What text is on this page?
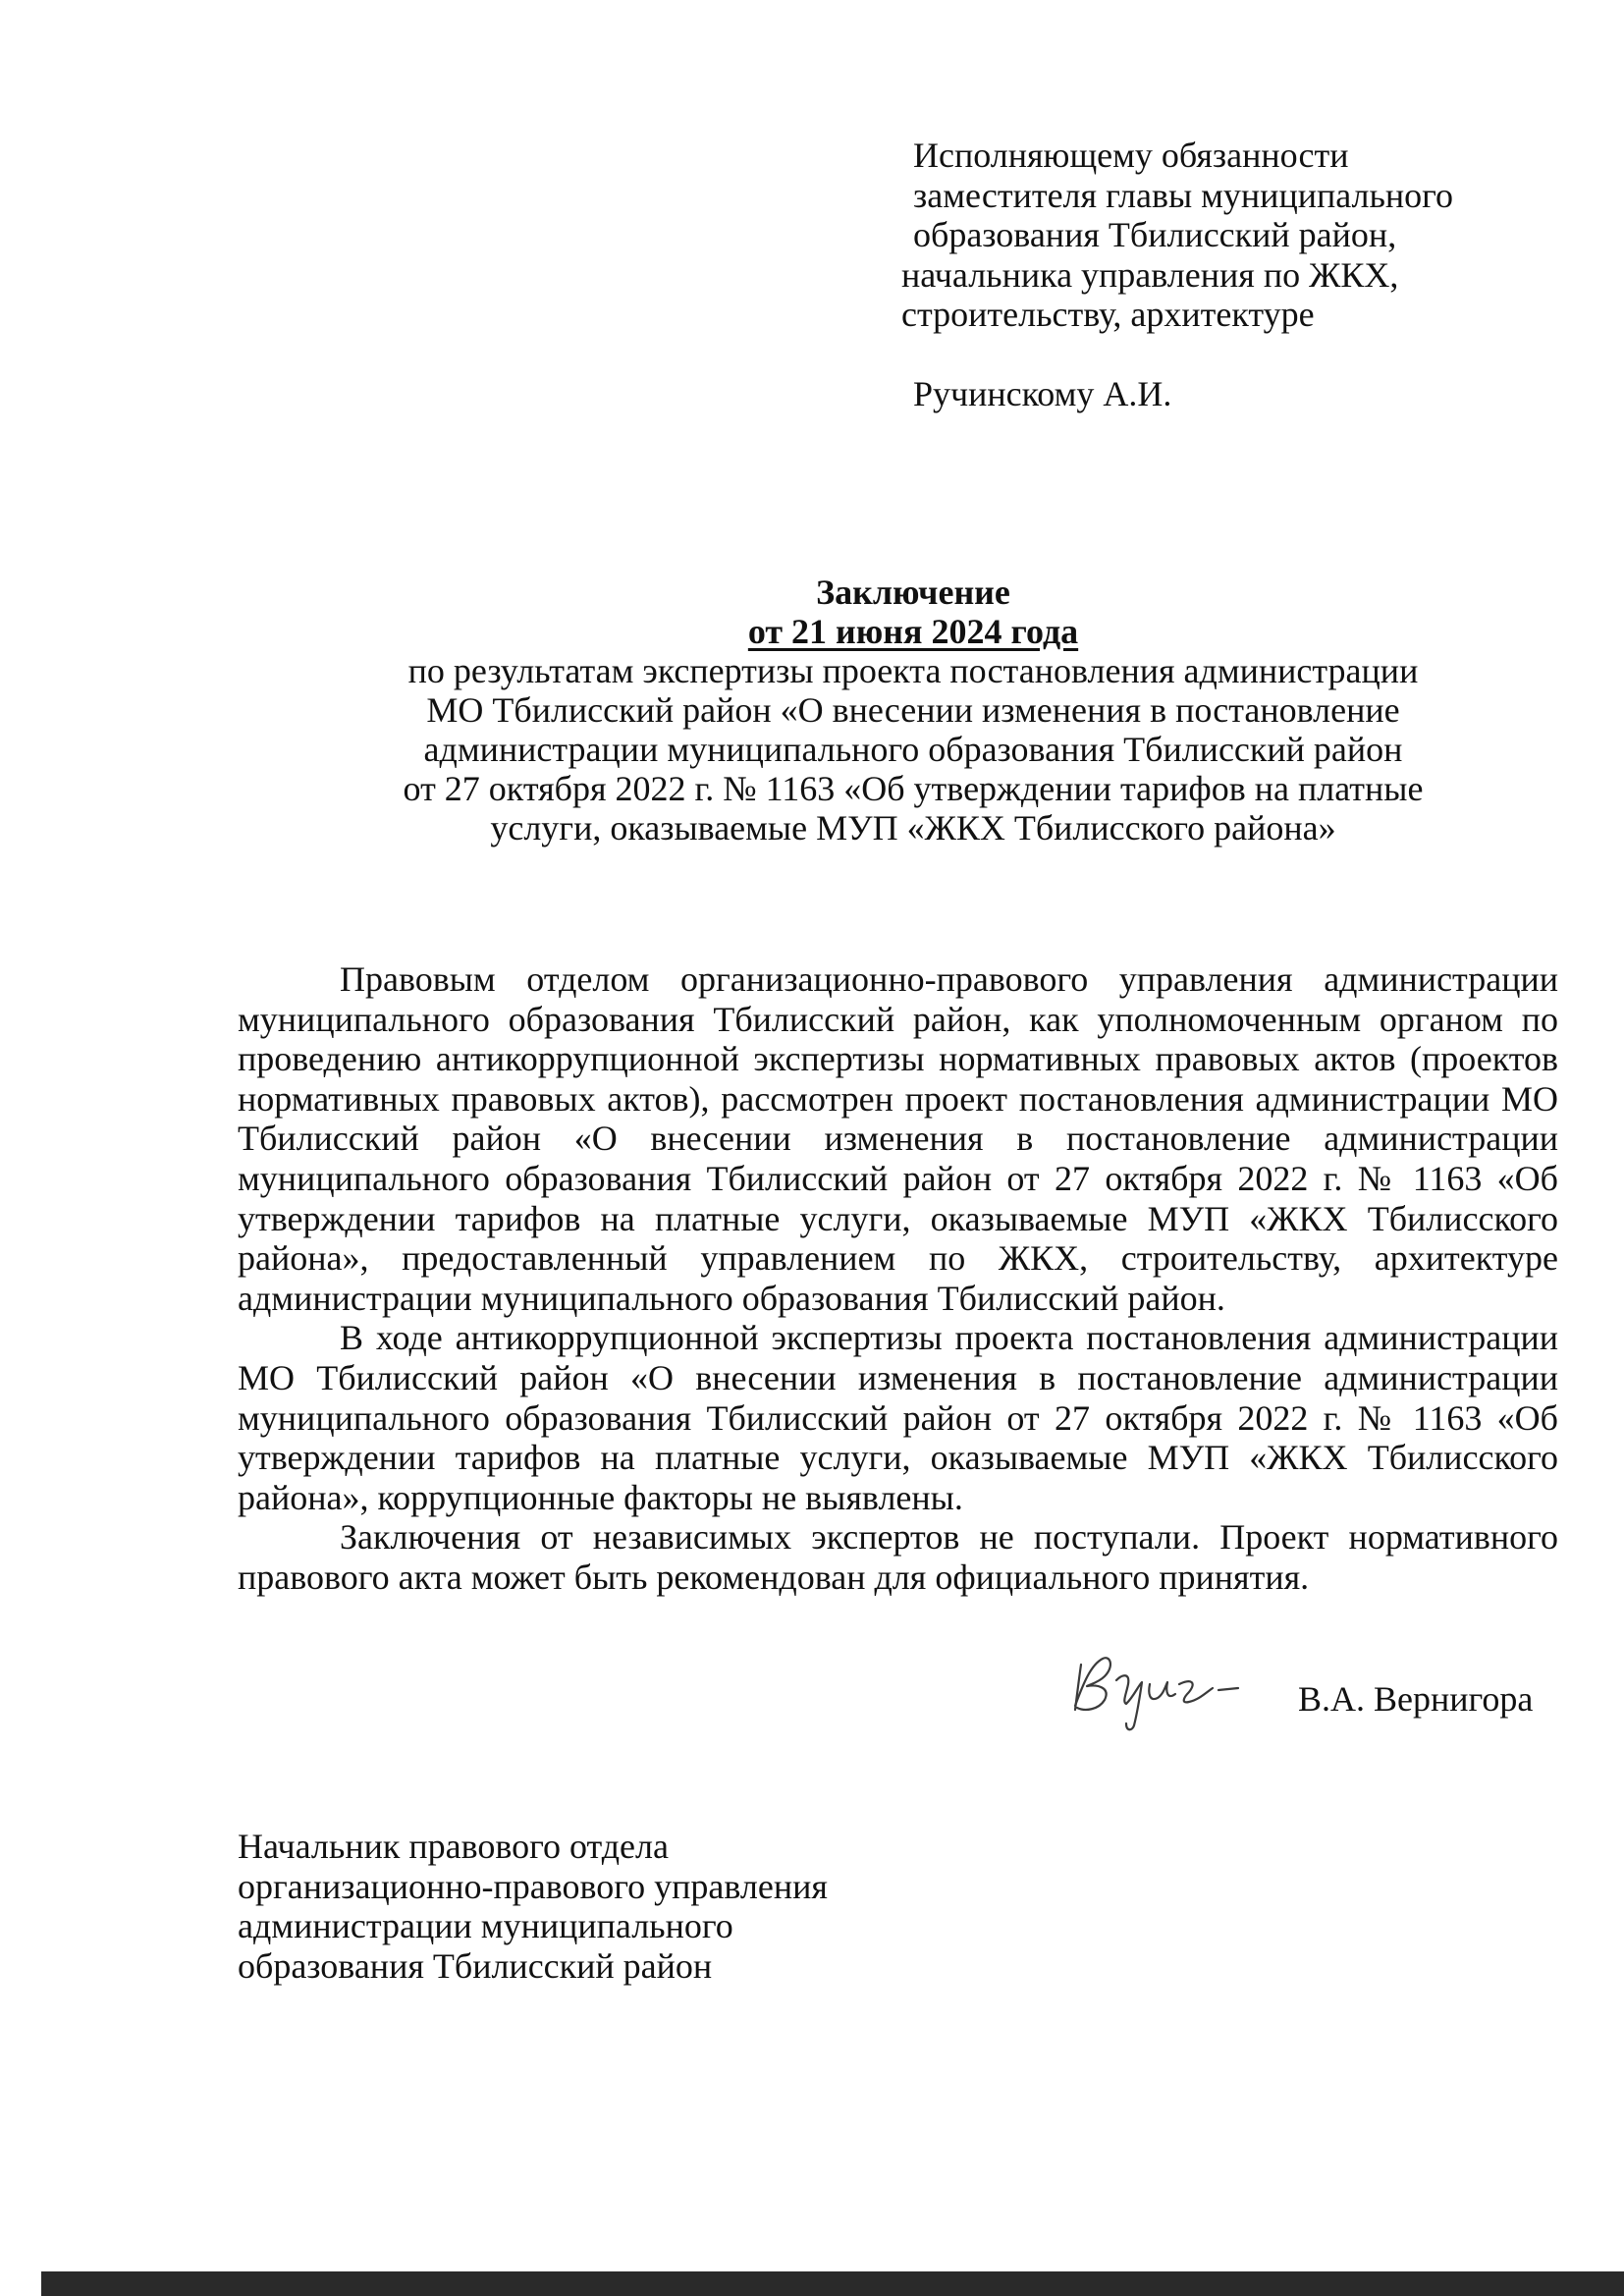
Исполняющему обязанности
заместителя главы муниципального
образования Тбилисский район,
начальника управления по ЖКХ,
строительству, архитектуре
Ручинскому А.И.
Заключение
от 21 июня 2024 года
по результатам экспертизы проекта постановления администрации
МО Тбилисский район «О внесении изменения в постановление
администрации муниципального образования Тбилисский район
от 27 октября 2022 г. № 1163 «Об утверждении тарифов на платные
услуги, оказываемые МУП «ЖКХ Тбилисского района»

Правовым отделом организационно-правового управления администрации муниципального образования Тбилисский район, как уполномоченным органом по проведению антикоррупционной экспертизы нормативных правовых актов (проектов нормативных правовых актов), рассмотрен проект постановления администрации МО Тбилисский район «О внесении изменения в постановление администрации муниципального образования Тбилисский район от 27 октября 2022 г. № 1163 «Об утверждении тарифов на платные услуги, оказываемые МУП «ЖКХ Тбилисского района», предоставленный управлением по ЖКХ, строительству, архитектуре администрации муниципального образования Тбилисский район.

В ходе антикоррупционной экспертизы проекта постановления администрации МО Тбилисский район «О внесении изменения в постановление администрации муниципального образования Тбилисский район от 27 октября 2022 г. № 1163 «Об утверждении тарифов на платные услуги, оказываемые МУП «ЖКХ Тбилисского района», коррупционные факторы не выявлены.

Заключения от независимых экспертов не поступали. Проект нормативного правового акта может быть рекомендован для официального принятия.

Начальник правового отдела
организационно-правового управления
администрации муниципального
образования Тбилисский район
В.А. Вернигора
